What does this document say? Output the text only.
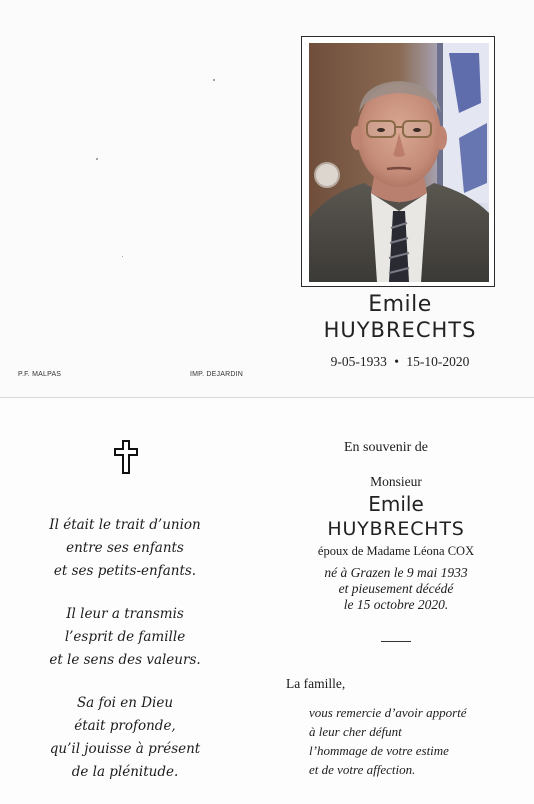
Emile
HUYBRECHTS
9-05-1933 • 15-10-2020
P.F. MALPAS	IMP. DEJARDIN
Il était le trait d’union
entre ses enfants
et ses petits-enfants.
Il leur a transmis
l’esprit de famille
et le sens des valeurs.
Sa foi en Dieu
était profonde,
qu’il jouisse à présent
de la plénitude.
En souvenir de
Monsieur
Emile
HUYBRECHTS
époux de Madame Léona COX
né à Grazen le 9 mai 1933
et pieusement décédé
le 15 octobre 2020.
La famille,
vous remercie d’avoir apporté
à leur cher défunt
l’hommage de votre estime
et de votre affection.
